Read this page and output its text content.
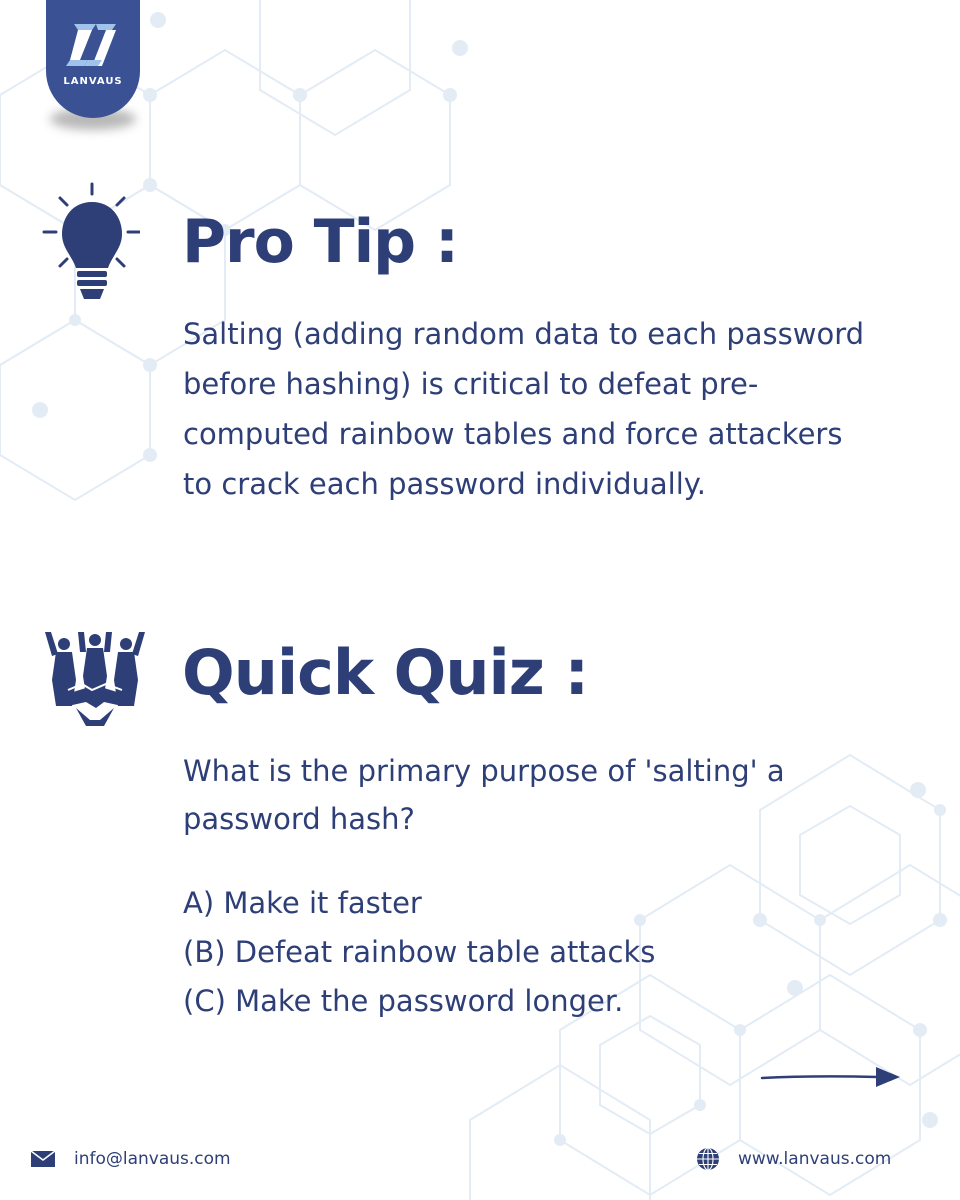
LANVAUS
Pro Tip :
Salting (adding random data to each password
before hashing) is critical to defeat pre-
computed rainbow tables and force attackers
to crack each password individually.
Quick Quiz :
What is the primary purpose of 'salting' a
password hash?
A) Make it faster
(B) Defeat rainbow table attacks
(C) Make the password longer.
info@lanvaus.com	www.lanvaus.com
